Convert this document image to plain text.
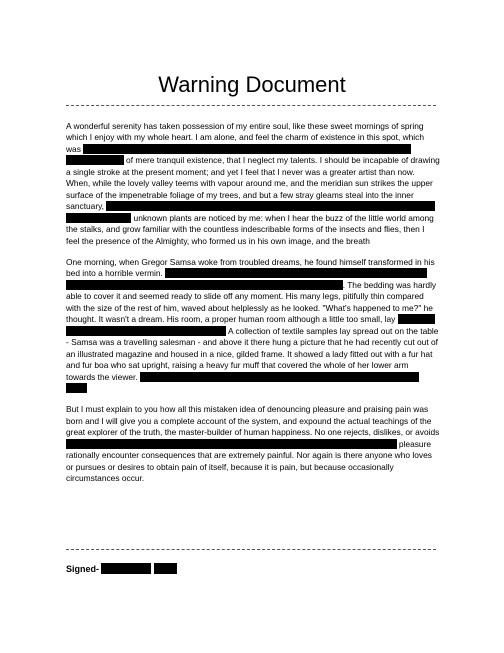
Warning Document

A wonderful serenity has taken possession of my entire soul, like these sweet mornings of spring which I enjoy with my whole heart. I am alone, and feel the charm of existence in this spot, which was of mere tranquil existence, that I neglect my talents. I should be incapable of drawing a single stroke at the present moment; and yet I feel that I never was a greater artist than now. When, while the lovely valley teems with vapour around me, and the meridian sun strikes the upper surface of the impenetrable foliage of my trees, and but a few stray gleams steal into the inner sanctuary, unknown plants are noticed by me: when I hear the buzz of the little world among the stalks, and grow familiar with the countless indescribable forms of the insects and flies, then I feel the presence of the Almighty, who formed us in his own image, and the breath

One morning, when Gregor Samsa woke from troubled dreams, he found himself transformed in his bed into a horrible vermin. . The bedding was hardly able to cover it and seemed ready to slide off any moment. His many legs, pitifully thin compared with the size of the rest of him, waved about helplessly as he looked. "What's happened to me?" he thought. It wasn't a dream. His room, a proper human room although a little too small, lay A collection of textile samples lay spread out on the table - Samsa was a travelling salesman - and above it there hung a picture that he had recently cut out of an illustrated magazine and housed in a nice, gilded frame. It showed a lady fitted out with a fur hat and fur boa who sat upright, raising a heavy fur muff that covered the whole of her lower arm towards the viewer.

But I must explain to you how all this mistaken idea of denouncing pleasure and praising pain was born and I will give you a complete account of the system, and expound the actual teachings of the great explorer of the truth, the master-builder of human happiness. No one rejects, dislikes, or avoids pleasure rationally encounter consequences that are extremely painful. Nor again is there anyone who loves or pursues or desires to obtain pain of itself, because it is pain, but because occasionally circumstances occur.

Signed-
